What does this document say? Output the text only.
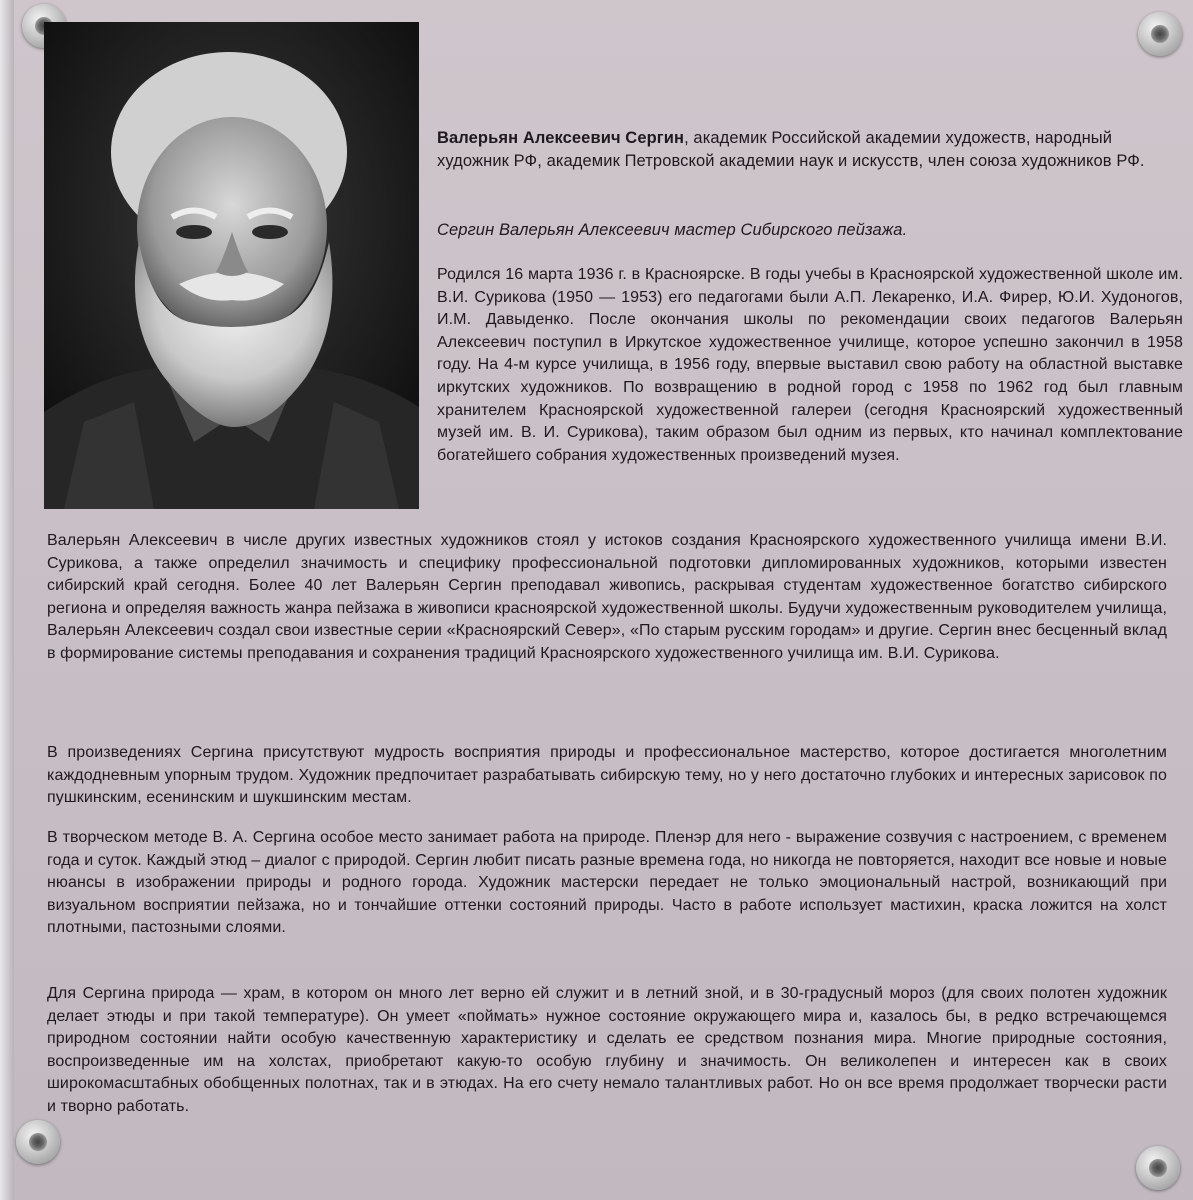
Валерьян Алексеевич Сергин, академик Российской академии художеств, народный художник РФ, академик Петровской академии наук и искусств, член союза художников РФ.
Сергин Валерьян Алексеевич мастер Сибирского пейзажа.
Родился 16 марта 1936 г. в Красноярске. В годы учебы в Красноярской художественной школе им. В.И. Сурикова (1950 — 1953) его педагогами были А.П. Лекаренко, И.А. Фирер, Ю.И. Худоногов, И.М. Давыденко. После окончания школы по рекомендации своих педагогов Валерьян Алексеевич поступил в Иркутское художественное училище, которое успешно закончил в 1958 году. На 4-м курсе училища, в 1956 году, впервые выставил свою работу на областной выставке иркутских художников. По возвращению в родной город с 1958 по 1962 год был главным хранителем Красноярской художественной галереи (сегодня Красноярский художественный музей им. В. И. Сурикова), таким образом был одним из первых, кто начинал комплектование богатейшего собрания художественных произведений музея.
Валерьян Алексеевич в числе других известных художников стоял у истоков создания Красноярского художественного училища имени В.И. Сурикова, а также определил значимость и специфику профессиональной подготовки дипломированных художников, которыми известен сибирский край сегодня. Более 40 лет Валерьян Сергин преподавал живопись, раскрывая студентам художественное богатство сибирского региона и определяя важность жанра пейзажа в живописи красноярской художественной школы. Будучи художественным руководителем училища, Валерьян Алексеевич создал свои известные серии «Красноярский Север», «По старым русским городам» и другие. Сергин внес бесценный вклад в формирование системы преподавания и сохранения традиций Красноярского художественного училища им. В.И. Сурикова.
В произведениях Сергина присутствуют мудрость восприятия природы и профессиональное мастерство, которое достигается многолетним каждодневным упорным трудом. Художник предпочитает разрабатывать сибирскую тему, но у него достаточно глубоких и интересных зарисовок по пушкинским, есенинским и шукшинским местам.
В творческом методе В. А. Сергина особое место занимает работа на природе. Пленэр для него - выражение созвучия с настроением, с временем года и суток. Каждый этюд – диалог с природой. Сергин любит писать разные времена года, но никогда не повторяется, находит все новые и новые нюансы в изображении природы и родного города. Художник мастерски передает не только эмоциональный настрой, возникающий при визуальном восприятии пейзажа, но и тончайшие оттенки состояний природы. Часто в работе использует мастихин, краска ложится на холст плотными, пастозными слоями.
Для Сергина природа — храм, в котором он много лет верно ей служит и в летний зной, и в 30-градусный мороз (для своих полотен художник делает этюды и при такой температуре). Он умеет «поймать» нужное состояние окружающего мира и, казалось бы, в редко встречающемся природном состоянии найти особую качественную характеристику и сделать ее средством познания мира. Многие природные состояния, воспроизведенные им на холстах, приобретают какую-то особую глубину и значимость. Он великолепен и интересен как в своих широкомасштабных обобщенных полотнах, так и в этюдах. На его счету немало талантливых работ. Но он все время продолжает творчески расти и творно работать.
